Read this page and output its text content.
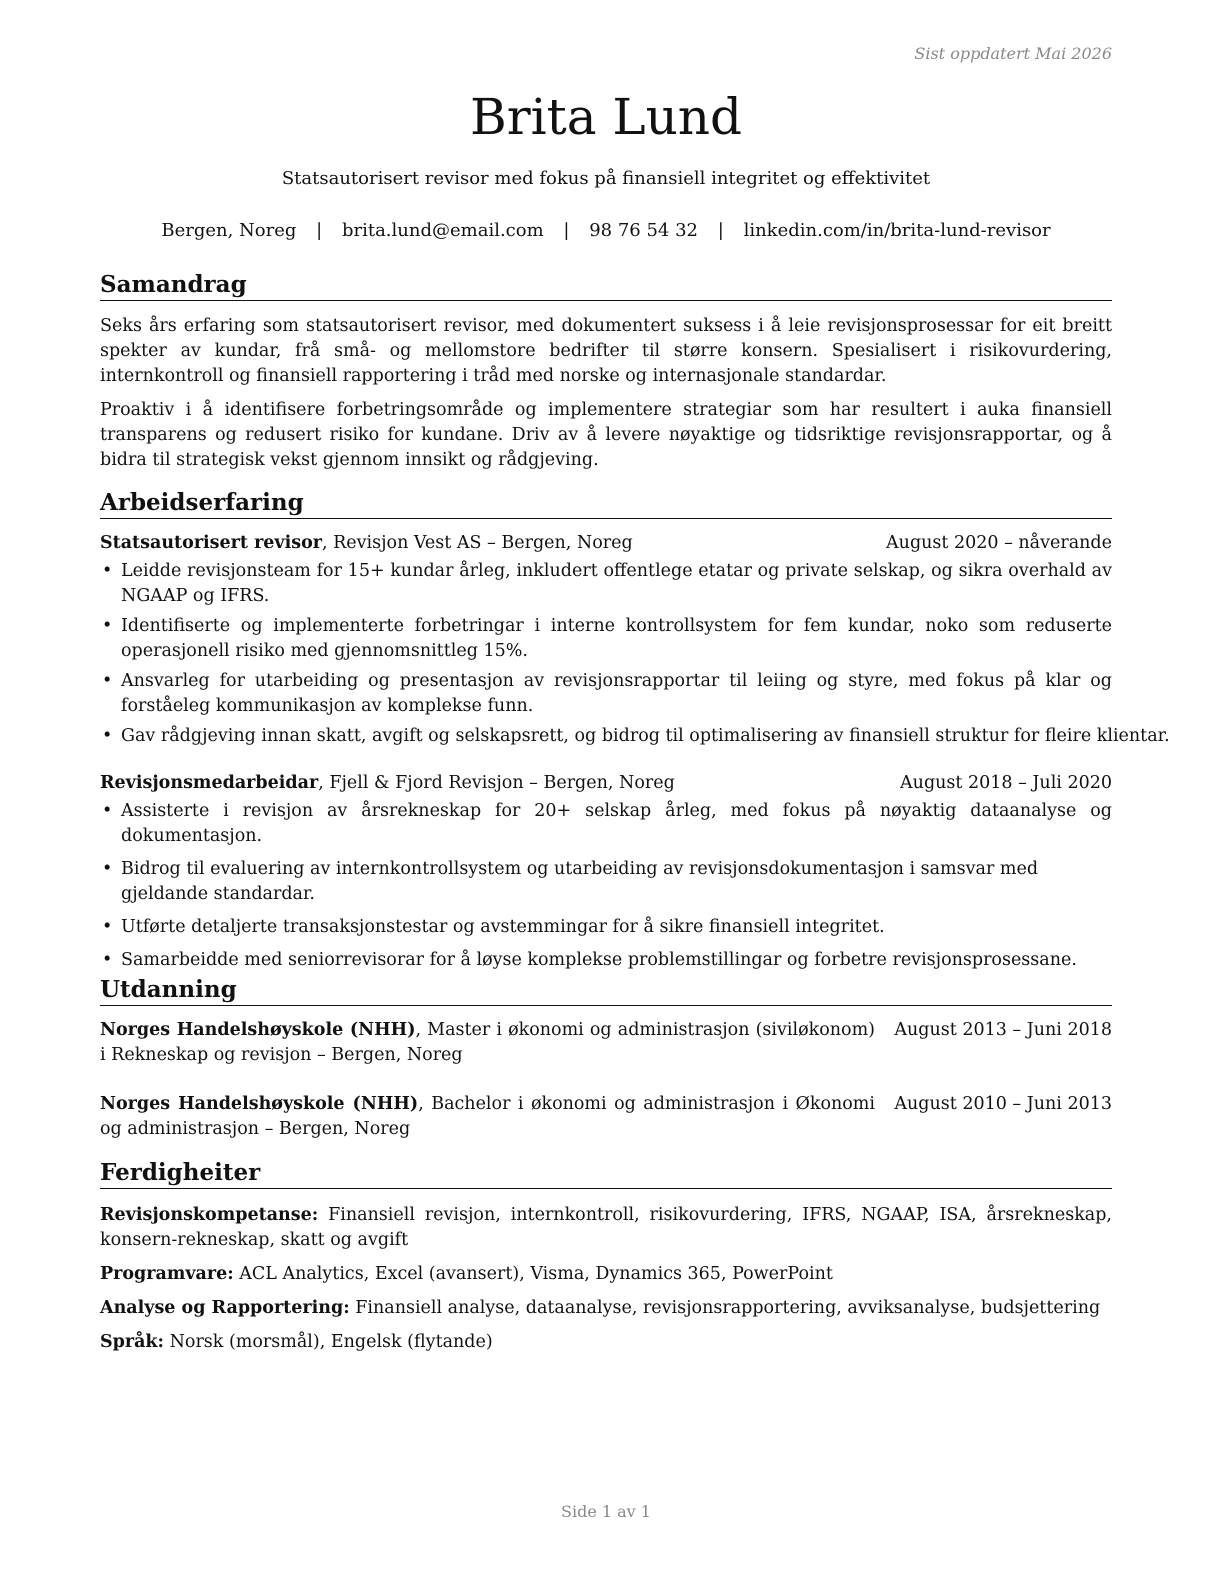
Sist oppdatert Mai 2026
Brita Lund
Statsautorisert revisor med fokus på finansiell integritet og effektivitet
Bergen, Noreg | brita.lund@email.com | 98 76 54 32 | linkedin.com/in/brita-lund-revisor
Samandrag

Seks års erfaring som statsautorisert revisor, med dokumentert suksess i å leie revisjonsprosessar for eit breitt spekter av kundar, frå små- og mellomstore bedrifter til større konsern. Spesialisert i risikovurdering, internkontroll og finansiell rapportering i tråd med norske og internasjonale standardar.

Proaktiv i å identifisere forbetringsområde og implementere strategiar som har resultert i auka finansiell transparens og redusert risiko for kundane. Driv av å levere nøyaktige og tidsriktige revisjonsrapportar, og å bidra til strategisk vekst gjennom innsikt og rådgjeving.

Arbeidserfaring
Statsautorisert revisor, Revisjon Vest AS – Bergen, Noreg	August 2020 – nåverande
• Leidde revisjonsteam for 15+ kundar årleg, inkludert offentlege etatar og private selskap, og sikra overhald av NGAAP og IFRS.
• Identifiserte og implementerte forbetringar i interne kontrollsystem for fem kundar, noko som reduserte operasjonell risiko med gjennomsnittleg 15%.
• Ansvarleg for utarbeiding og presentasjon av revisjonsrapportar til leiing og styre, med fokus på klar og forståeleg kommunikasjon av komplekse funn.
• Gav rådgjeving innan skatt, avgift og selskapsrett, og bidrog til optimalisering av finansiell struktur for fleire klientar.
Revisjonsmedarbeidar, Fjell & Fjord Revisjon – Bergen, Noreg	August 2018 – Juli 2020
• Assisterte i revisjon av årsrekneskap for 20+ selskap årleg, med fokus på nøyaktig dataanalyse og dokumentasjon.
• Bidrog til evaluering av internkontrollsystem og utarbeiding av revisjonsdokumentasjon i samsvar med gjeldande standardar.
• Utførte detaljerte transaksjonstestar og avstemmingar for å sikre finansiell integritet.
• Samarbeidde med seniorrevisorar for å løyse komplekse problemstillingar og forbetre revisjonsprosessane.
Utdanning
Norges Handelshøyskole (NHH), Master i økonomi og administrasjon (siviløkonom) i Rekneskap og revisjon – Bergen, Noreg
August 2013 – Juni 2018
Norges Handelshøyskole (NHH), Bachelor i økonomi og administrasjon i Økonomi og administrasjon – Bergen, Noreg
August 2010 – Juni 2013
Ferdigheiter

Revisjonskompetanse: Finansiell revisjon, internkontroll, risikovurdering, IFRS, NGAAP, ISA, årsrekneskap, konsern-rekneskap, skatt og avgift

Programvare: ACL Analytics, Excel (avansert), Visma, Dynamics 365, PowerPoint

Analyse og Rapportering: Finansiell analyse, dataanalyse, revisjonsrapportering, avviksanalyse, budsjettering

Språk: Norsk (morsmål), Engelsk (flytande)

Side 1 av 1
